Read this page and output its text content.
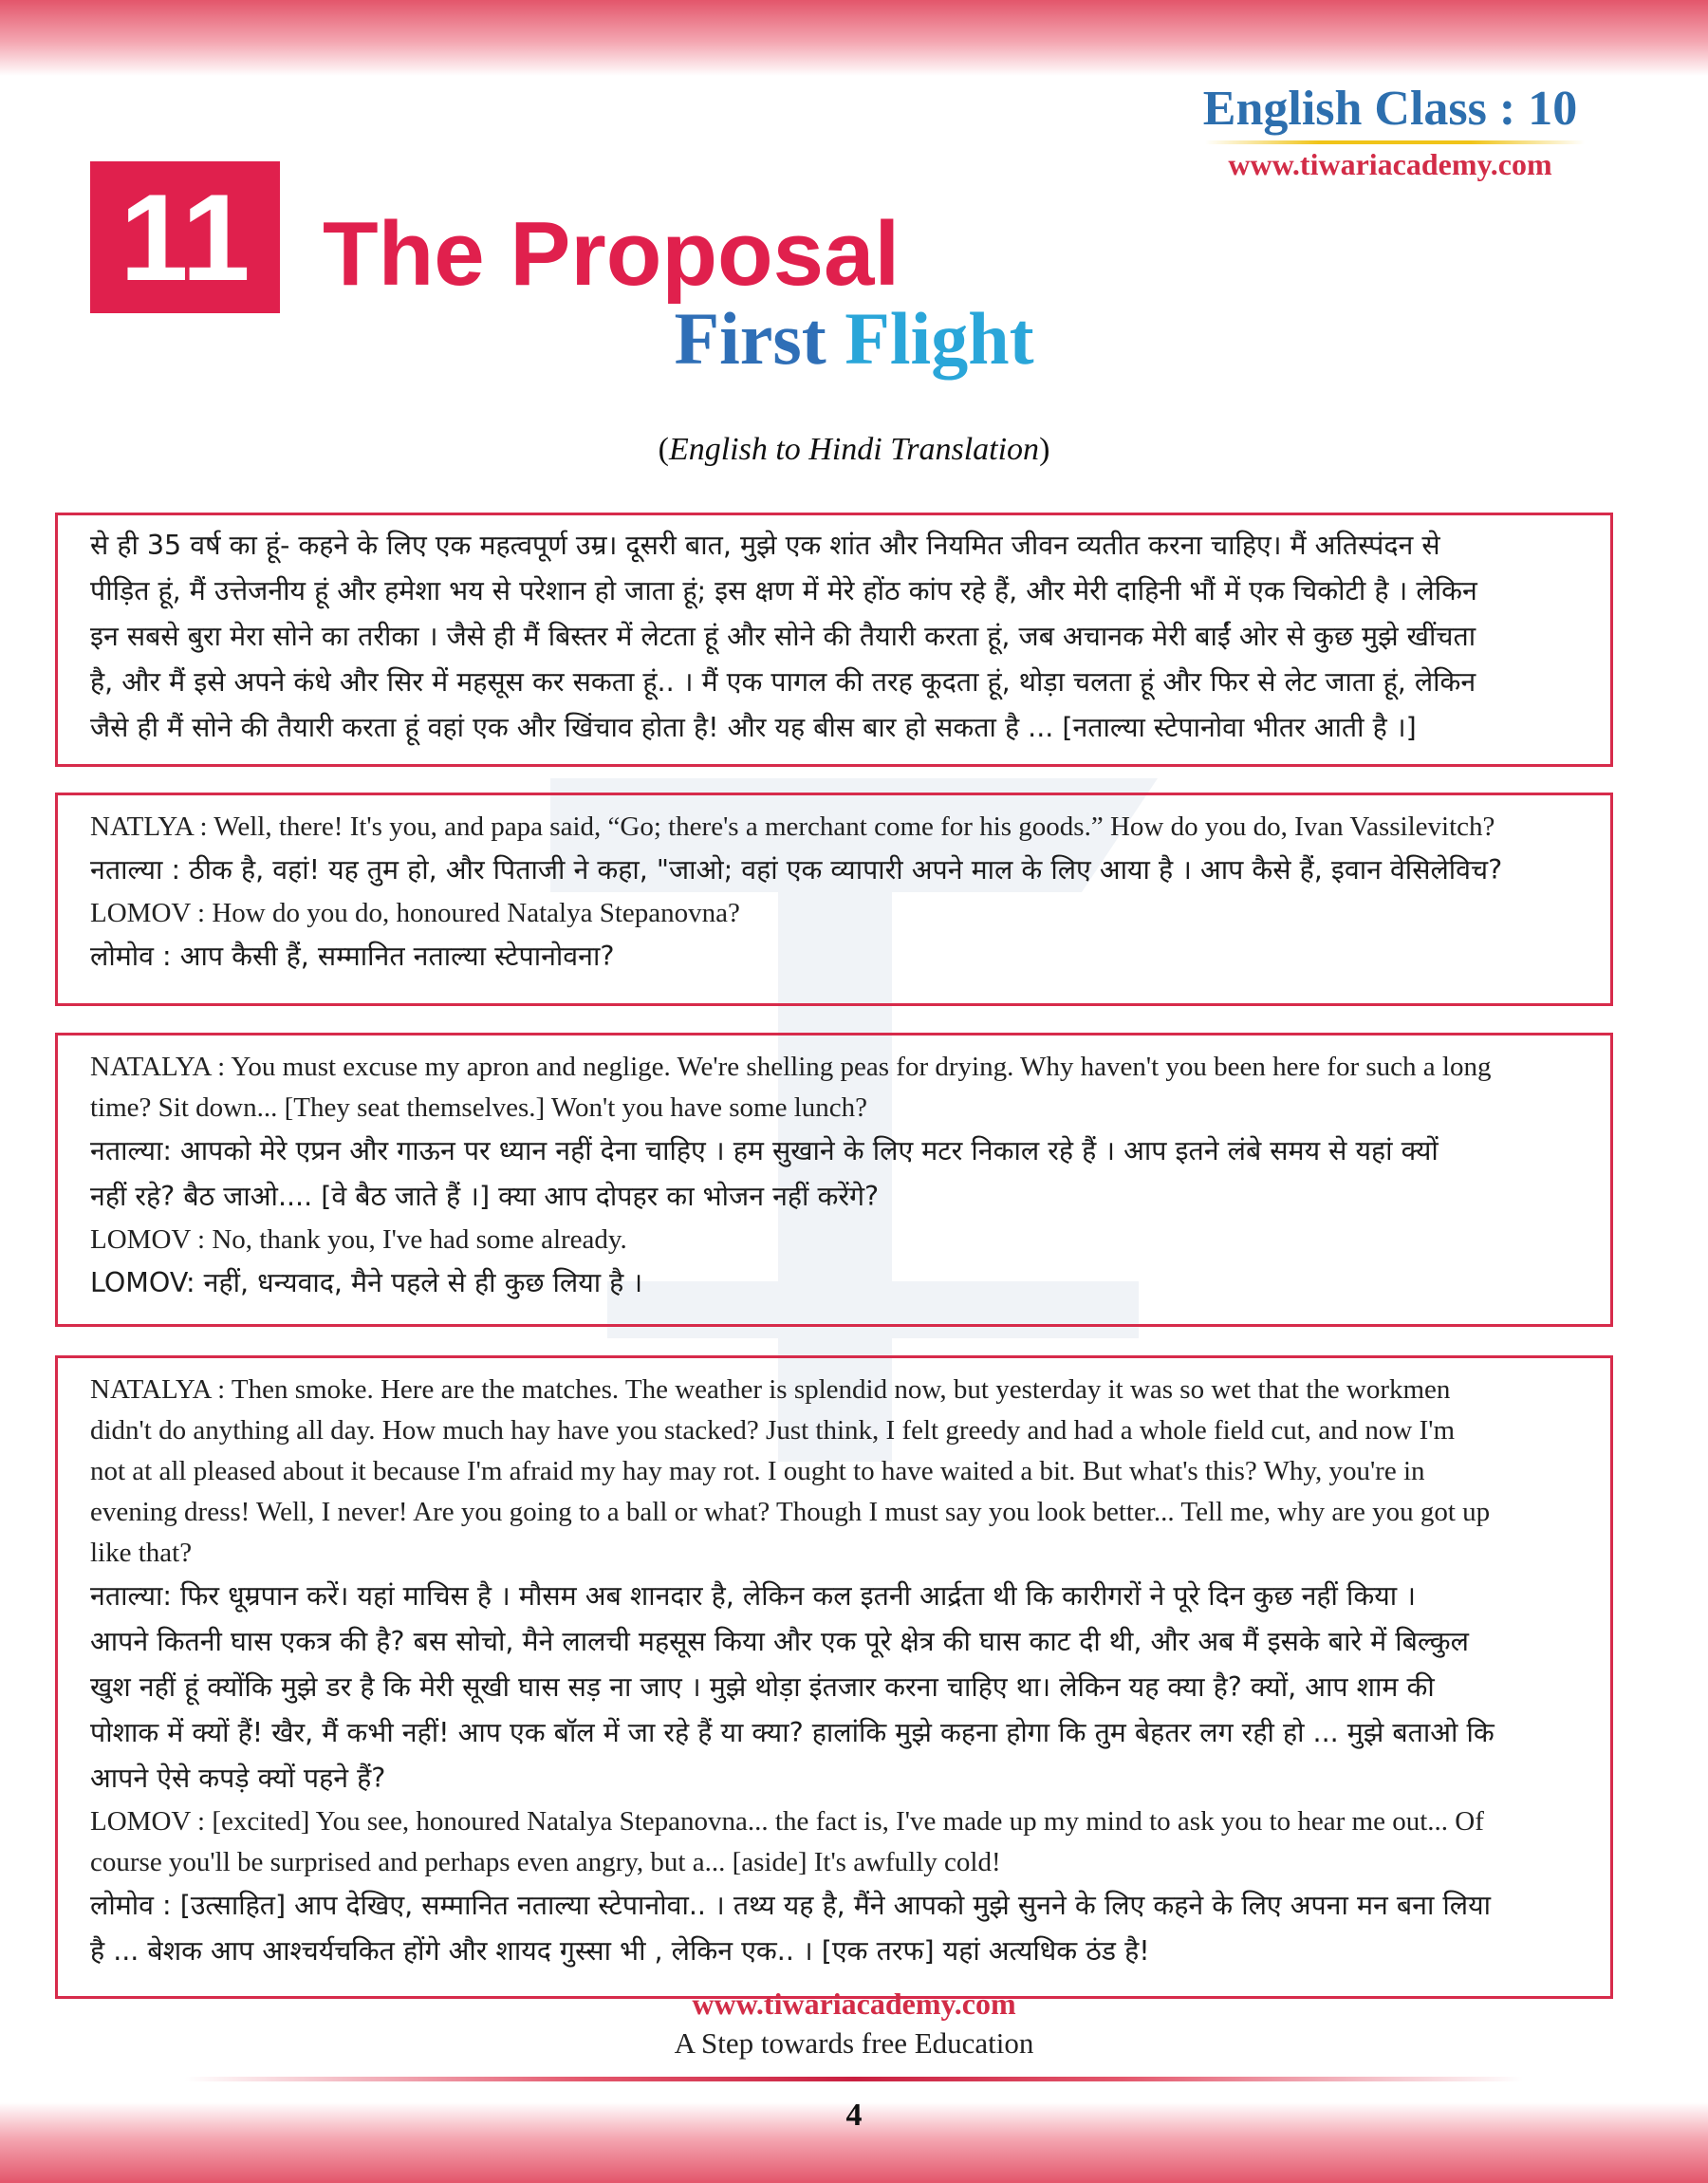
English Class : 10
www.tiwariacademy.com
11 The Proposal
First Flight
(English to Hindi Translation)

से ही 35 वर्ष का हूं- कहने के लिए एक महत्वपूर्ण उम्र। दूसरी बात, मुझे एक शांत और नियमित जीवन व्यतीत करना चाहिए। मैं अतिस्पंदन से

पीड़ित हूं, मैं उत्तेजनीय हूं और हमेशा भय से परेशान हो जाता हूं; इस क्षण में मेरे होंठ कांप रहे हैं, और मेरी दाहिनी भौं में एक चिकोटी है । लेकिन

इन सबसे बुरा मेरा सोने का तरीका । जैसे ही मैं बिस्तर में लेटता हूं और सोने की तैयारी करता हूं, जब अचानक मेरी बाईं ओर से कुछ मुझे खींचता

है, और मैं इसे अपने कंधे और सिर में महसूस कर सकता हूं.. । मैं एक पागल की तरह कूदता हूं, थोड़ा चलता हूं और फिर से लेट जाता हूं, लेकिन

जैसे ही मैं सोने की तैयारी करता हूं वहां एक और खिंचाव होता है! और यह बीस बार हो सकता है ... [नताल्या स्टेपानोवा भीतर आती है ।]

NATLYA : Well, there! It's you, and papa said, “Go; there's a merchant come for his goods.” How do you do, Ivan Vassilevitch?

नताल्या : ठीक है, वहां! यह तुम हो, और पिताजी ने कहा, "जाओ; वहां एक व्यापारी अपने माल के लिए आया है । आप कैसे हैं, इवान वेसिलेविच?

LOMOV : How do you do, honoured Natalya Stepanovna?

लोमोव : आप कैसी हैं, सम्मानित नताल्या स्टेपानोवना?

NATALYA : You must excuse my apron and neglige. We're shelling peas for drying. Why haven't you been here for such a long

time? Sit down... [They seat themselves.] Won't you have some lunch?

नताल्या: आपको मेरे एप्रन और गाऊन पर ध्यान नहीं देना चाहिए । हम सुखाने के लिए मटर निकाल रहे हैं । आप इतने लंबे समय से यहां क्यों

नहीं रहे? बैठ जाओ.... [वे बैठ जाते हैं ।] क्या आप दोपहर का भोजन नहीं करेंगे?

LOMOV : No, thank you, I've had some already.

LOMOV: नहीं, धन्यवाद, मैने पहले से ही कुछ लिया है ।

NATALYA : Then smoke. Here are the matches. The weather is splendid now, but yesterday it was so wet that the workmen

didn't do anything all day. How much hay have you stacked? Just think, I felt greedy and had a whole field cut, and now I'm

not at all pleased about it because I'm afraid my hay may rot. I ought to have waited a bit. But what's this? Why, you're in

evening dress! Well, I never! Are you going to a ball or what? Though I must say you look better... Tell me, why are you got up

like that?

नताल्या: फिर धूम्रपान करें। यहां माचिस है । मौसम अब शानदार है, लेकिन कल इतनी आर्द्रता थी कि कारीगरों ने पूरे दिन कुछ नहीं किया ।

आपने कितनी घास एकत्र की है? बस सोचो, मैने लालची महसूस किया और एक पूरे क्षेत्र की घास काट दी थी, और अब मैं इसके बारे में बिल्कुल

खुश नहीं हूं क्योंकि मुझे डर है कि मेरी सूखी घास सड़ ना जाए । मुझे थोड़ा इंतजार करना चाहिए था। लेकिन यह क्या है? क्यों, आप शाम की

पोशाक में क्यों हैं! खैर, मैं कभी नहीं! आप एक बॉल में जा रहे हैं या क्या? हालांकि मुझे कहना होगा कि तुम बेहतर लग रही हो ... मुझे बताओ कि

आपने ऐसे कपड़े क्यों पहने हैं?

LOMOV : [excited] You see, honoured Natalya Stepanovna... the fact is, I've made up my mind to ask you to hear me out... Of

course you'll be surprised and perhaps even angry, but a... [aside] It's awfully cold!

लोमोव : [उत्साहित] आप देखिए, सम्मानित नताल्या स्टेपानोवा.. । तथ्य यह है, मैंने आपको मुझे सुनने के लिए कहने के लिए अपना मन बना लिया

है ... बेशक आप आश्चर्यचकित होंगे और शायद गुस्सा भी , लेकिन एक.. । [एक तरफ] यहां अत्यधिक ठंड है!

www.tiwariacademy.com
A Step towards free Education
4
